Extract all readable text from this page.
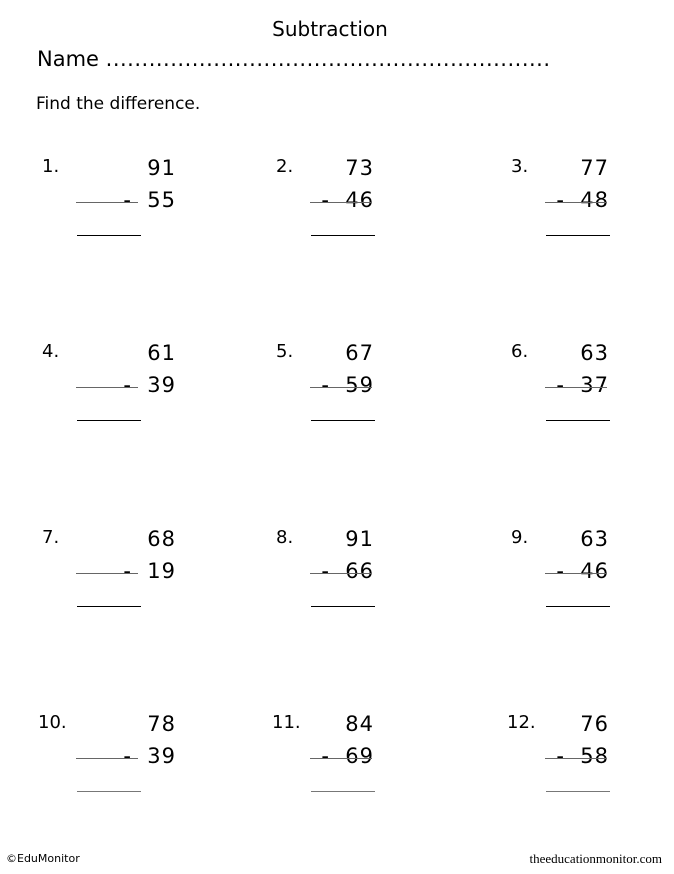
Subtraction
Name ..............................................................
Find the difference.
1.	91
-  55
2. 73
-  46
3. 77
-  48
4.	61
-  39
5. 67
-  59
6. 63
-  37
7.	68
-  19
8. 91
-  66
9. 63
-  46
10.	78
-  39
11. 84
-  69
12. 76
-  58
©EduMonitor	theeducationmonitor.com
